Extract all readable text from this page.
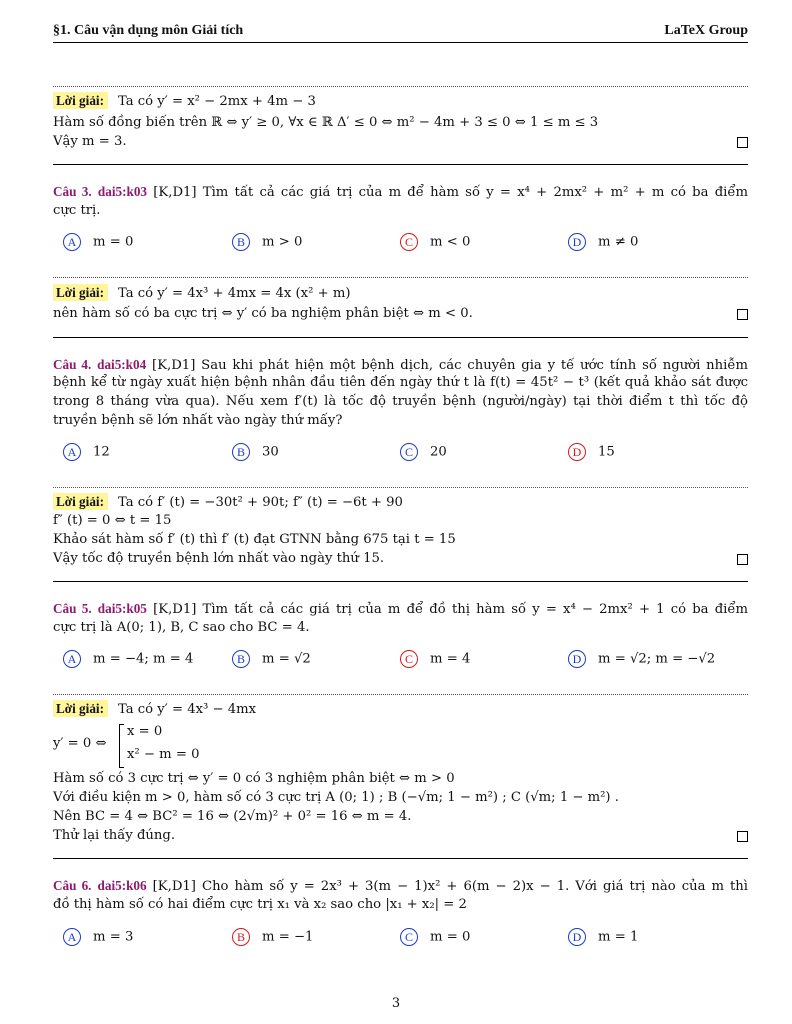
§1. Câu vận dụng môn Giải tích	LaTeX Group
Lời giải: Ta có y′ = x² − 2mx + 4m − 3
Hàm số đồng biến trên ℝ ⇔ y′ ≥ 0, ∀x ∈ ℝ Δ′ ≤ 0 ⇔ m² − 4m + 3 ≤ 0 ⇔ 1 ≤ m ≤ 3
Vậy m = 3.
Câu 3. dai5:k03 [K,D1] Tìm tất cả các giá trị của m để hàm số y = x⁴ + 2mx² + m² + m có ba điểm
cực trị.
A m = 0	B m > 0	C m < 0	D m ≠ 0
Lời giải: Ta có y′ = 4x³ + 4mx = 4x (x² + m)
nên hàm số có ba cực trị ⇔ y′ có ba nghiệm phân biệt ⇔ m < 0.
Câu 4. dai5:k04 [K,D1] Sau khi phát hiện một bệnh dịch, các chuyên gia y tế ước tính số người nhiễm
bệnh kể từ ngày xuất hiện bệnh nhân đầu tiên đến ngày thứ t là f(t) = 45t² − t³ (kết quả khảo sát được
trong 8 tháng vừa qua). Nếu xem f′(t) là tốc độ truyền bệnh (người/ngày) tại thời điểm t thì tốc độ
truyền bệnh sẽ lớn nhất vào ngày thứ mấy?
A 12	B 30	C 20	D 15
Lời giải: Ta có f′ (t) = −30t² + 90t; f″ (t) = −6t + 90
f″ (t) = 0 ⇔ t = 15
Khảo sát hàm số f′ (t) thì f′ (t) đạt GTNN bằng 675 tại t = 15
Vậy tốc độ truyền bệnh lớn nhất vào ngày thứ 15.
Câu 5. dai5:k05 [K,D1] Tìm tất cả các giá trị của m để đồ thị hàm số y = x⁴ − 2mx² + 1 có ba điểm
cực trị là A(0; 1), B, C sao cho BC = 4.
A m = −4; m = 4	B m = √2	C m = 4	D m = √2; m = −√2
Lời giải: Ta có y′ = 4x³ − 4mx
y′ = 0 ⇔
x = 0
x² − m = 0
Hàm số có 3 cực trị ⇔ y′ = 0 có 3 nghiệm phân biệt ⇔ m > 0
Với điều kiện m > 0, hàm số có 3 cực trị A (0; 1) ; B (−√m; 1 − m²) ; C (√m; 1 − m²) .
Nên BC = 4 ⇔ BC² = 16 ⇔ (2√m)² + 0² = 16 ⇔ m = 4.
Thử lại thấy đúng.
Câu 6. dai5:k06 [K,D1] Cho hàm số y = 2x³ + 3(m − 1)x² + 6(m − 2)x − 1. Với giá trị nào của m thì
đồ thị hàm số có hai điểm cực trị x₁ và x₂ sao cho |x₁ + x₂| = 2
A m = 3	B m = −1	C m = 0	D m = 1
3
